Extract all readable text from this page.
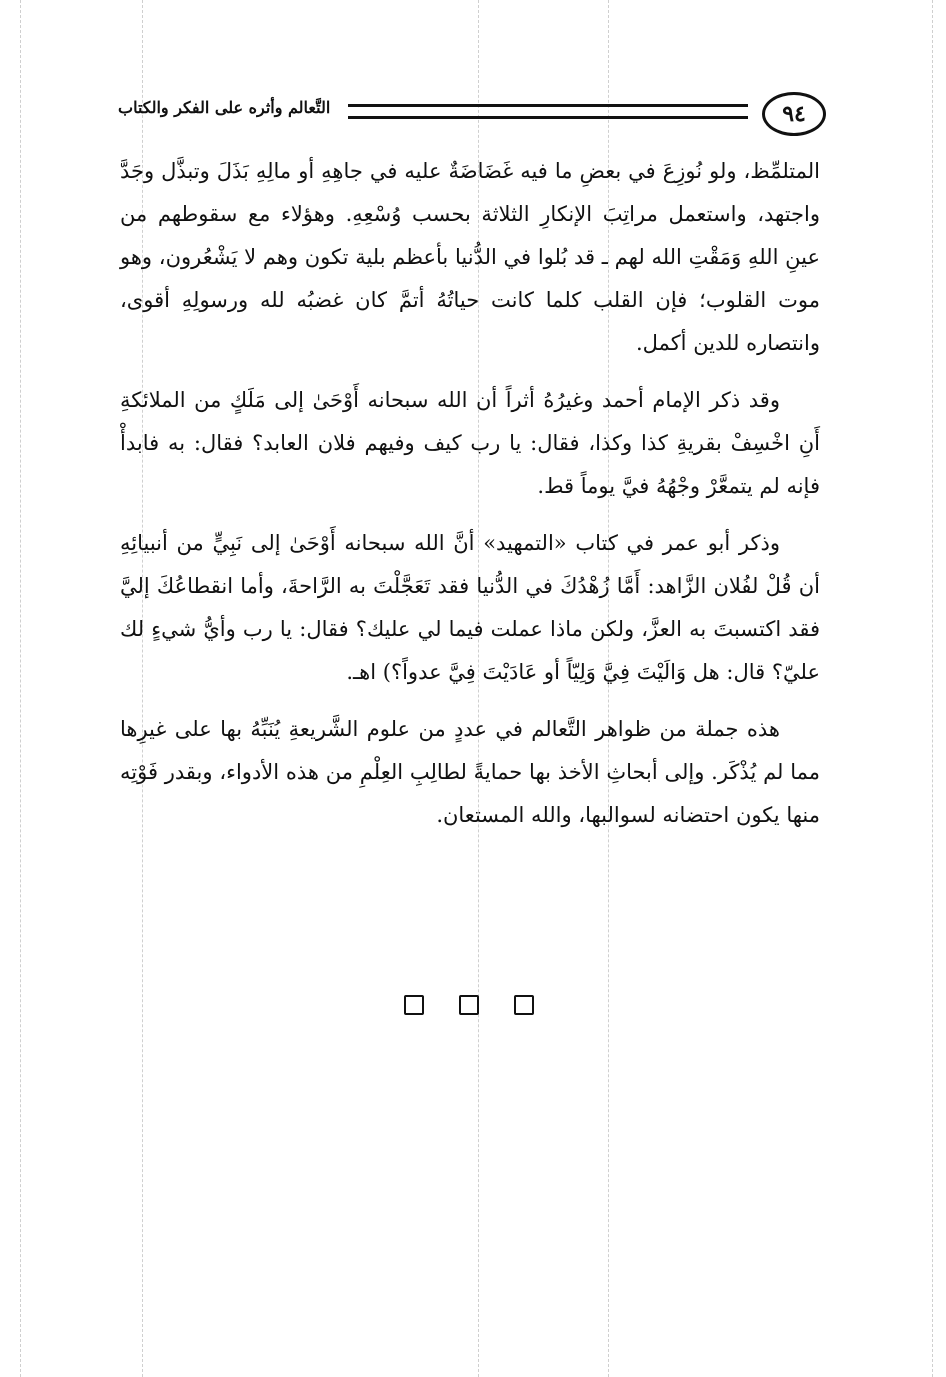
٩٤
التَّعالم وأثره على الفكر والكتاب

المتلمِّظ، ولو نُوزِعَ في بعضِ ما فيه غَضَاضَةٌ عليه في جاهِهِ أو مالِهِ بَذَلَ وتبذَّل وجَدَّ واجتهد، واستعمل مراتِبَ الإنكارِ الثلاثة بحسب وُسْعِهِ. وهؤلاء مع سقوطهم من عينِ اللهِ وَمَقْتِ الله لهم ـ قد بُلوا في الدُّنيا بأعظم بلية تكون وهم لا يَشْعُرون، وهو موت القلوب؛ فإن القلب كلما كانت حياتُهُ أتمَّ كان غضبُه لله ورسولِهِ أقوى، وانتصاره للدين أكمل.

وقد ذكر الإمام أحمد وغيرُهُ أثراً أن الله سبحانه أَوْحَىٰ إلى مَلَكٍ من الملائكةِ أَنِ اخْسِفْ بقريةِ كذا وكذا، فقال: يا رب كيف وفيهم فلان العابد؟ فقال: به فابدأْ فإنه لم يتمعَّرْ وجْهُهُ فيَّ يوماً قط.

وذكر أبو عمر في كتاب «التمهيد» أنَّ الله سبحانه أَوْحَىٰ إلى نَبِيٍّ من أنبيائِهِ أن قُلْ لفُلان الزَّاهد: أَمَّا زُهْدُكَ في الدُّنيا فقد تَعَجَّلْتَ به الرَّاحةَ، وأما انقطاعُكَ إليَّ فقد اكتسبتَ به العزَّ، ولكن ماذا عملت فيما لي عليك؟ فقال: يا رب وأيُّ شيءٍ لك عليّ؟ قال: هل وَالَيْتَ فِيَّ وَلِيّاً أو عَادَيْتَ فِيَّ عدواً؟) اهـ.

هذه جملة من ظواهر التَّعالم في عددٍ من علوم الشَّريعةِ يُنَبِّهُ بها على غيرِها مما لم يُذْكَر. وإلى أبحاثِ الأخذ بها حمايةً لطالِبِ العِلْمِ من هذه الأدواء، وبقدر فَوْتِه منها يكون احتضانه لسوالبها، والله المستعان.
